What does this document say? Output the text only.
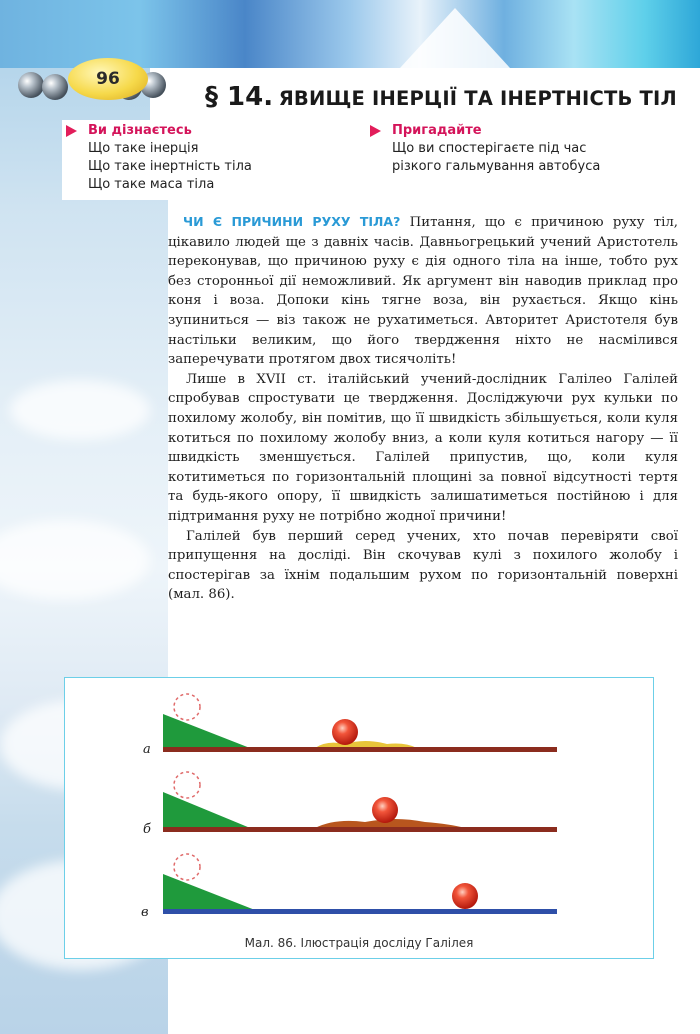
96
§ 14. ЯВИЩЕ ІНЕРЦІЇ ТА ІНЕРТНІСТЬ ТІЛ
Ви дізнаєтесь
Що таке інерція
Що таке інертність тіла
Що таке маса тіла
Пригадайте
Що ви спостерігаєте під час
різкого гальмування автобуса

ЧИ Є ПРИЧИНИ РУХУ ТІЛА? Питання, що є причиною руху тіл, цікавило людей ще з давніх часів. Давньогрецький учений Аристотель переконував, що причиною руху є дія одного тіла на інше, тобто рух без сторонньої дії неможливий. Як аргумент він наводив приклад про коня і воза. Допоки кінь тягне воза, він рухається. Якщо кінь зупиниться — віз також не рухатиметься. Авторитет Аристотеля був настільки великим, що його твердження ніхто не насмілився заперечувати протягом двох тисячоліть!

Лише в XVII ст. італійський учений-дослідник Галілео Галілей спробував спростувати це твердження. Досліджуючи рух кульки по похилому жолобу, він помітив, що її швидкість збільшується, коли куля котиться по похилому жолобу вниз, а коли куля котиться нагору — її швидкість зменшується. Галілей припустив, що, коли куля котитиметься по горизонтальній площині за повної відсутності тертя та будь-якого опору, її швидкість залишатиметься постійною і для підтримання руху не потрібно жодної причини!

Галілей був перший серед учених, хто почав перевіряти свої припущення на досліді. Він скочував кулі з похилого жолобу і спостерігав за їхнім подальшим рухом по горизонтальній поверхні (мал. 86).

а
б
в
Мал. 86. Ілюстрація досліду Галілея
